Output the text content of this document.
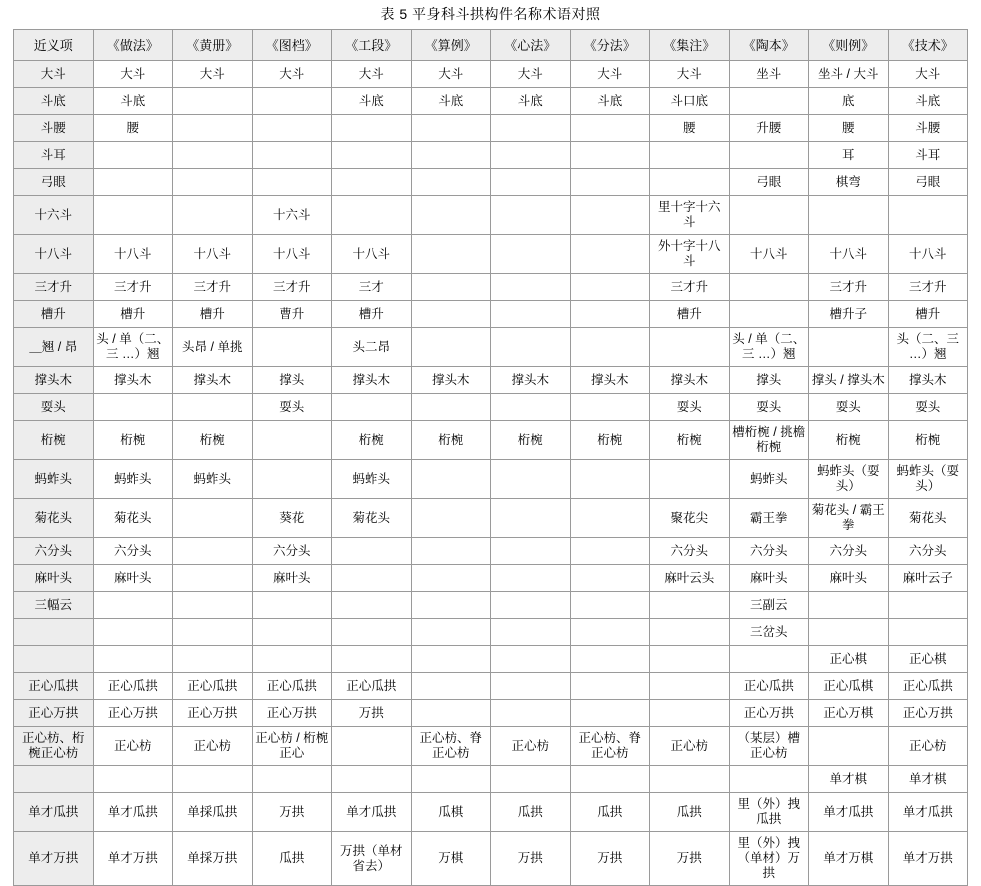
表 5 平身科斗拱构件名称术语对照
近义项	《做法》	《黄册》	《图档》	《工段》	《算例》	《心法》	《分法》	《集注》	《陶本》	《则例》	《技术》
大斗	大斗	大斗	大斗	大斗	大斗	大斗	大斗	大斗	坐斗	坐斗 / 大斗	大斗
斗底	斗底			斗底	斗底	斗底	斗底	斗口底		底	斗底
斗腰	腰							腰	升腰	腰	斗腰
斗耳										耳	斗耳
弓眼									弓眼	棋弯	弓眼
十六斗			十六斗					里十字十六斗			
十八斗	十八斗	十八斗	十八斗	十八斗				外十字十八斗	十八斗	十八斗	十八斗
三才升	三才升	三才升	三才升	三才				三才升		三才升	三才升
槽升	槽升	槽升	曹升	槽升				槽升		槽升子	槽升
＿翘 / 昂	头 / 单（二、三 …）翘	头昂 / 单挑		头二昂					头 / 单（二、三 …）翘		头（二、三 …）翘
撑头木	撑头木	撑头木	撑头	撑头木	撑头木	撑头木	撑头木	撑头木	撑头	撑头 / 撑头木	撑头木
耍头			耍头					耍头	耍头	耍头	耍头
桁椀	桁椀	桁椀		桁椀	桁椀	桁椀	桁椀	桁椀	槽桁椀 / 挑檐桁椀	桁椀	桁椀
蚂蚱头	蚂蚱头	蚂蚱头		蚂蚱头					蚂蚱头	蚂蚱头（耍头）	蚂蚱头（耍头）
菊花头	菊花头		葵花	菊花头				聚花尖	霸王拳	菊花头 / 霸王拳	菊花头
六分头	六分头		六分头					六分头	六分头	六分头	六分头
麻叶头	麻叶头		麻叶头					麻叶云头	麻叶头	麻叶头	麻叶云子
三幅云									三副云		
									三岔头		
										正心棋	正心棋
正心瓜拱	正心瓜拱	正心瓜拱	正心瓜拱	正心瓜拱					正心瓜拱	正心瓜棋	正心瓜拱
正心万拱	正心万拱	正心万拱	正心万拱	万拱					正心万拱	正心万棋	正心万拱
正心枋、桁椀正心枋	正心枋	正心枋	正心枋 / 桁椀正心		正心枋、脊正心枋	正心枋	正心枋、脊正心枋	正心枋	（某层）槽正心枋		正心枋
										单才棋	单才棋
单才瓜拱	单才瓜拱	单採瓜拱	万拱	单才瓜拱	瓜棋	瓜拱	瓜拱	瓜拱	里（外）拽瓜拱	单才瓜拱	单才瓜拱
单才万拱	单才万拱	单採万拱	瓜拱	万拱（单材省去）	万棋	万拱	万拱	万拱	里（外）拽（单材）万拱	单才万棋	单才万拱
